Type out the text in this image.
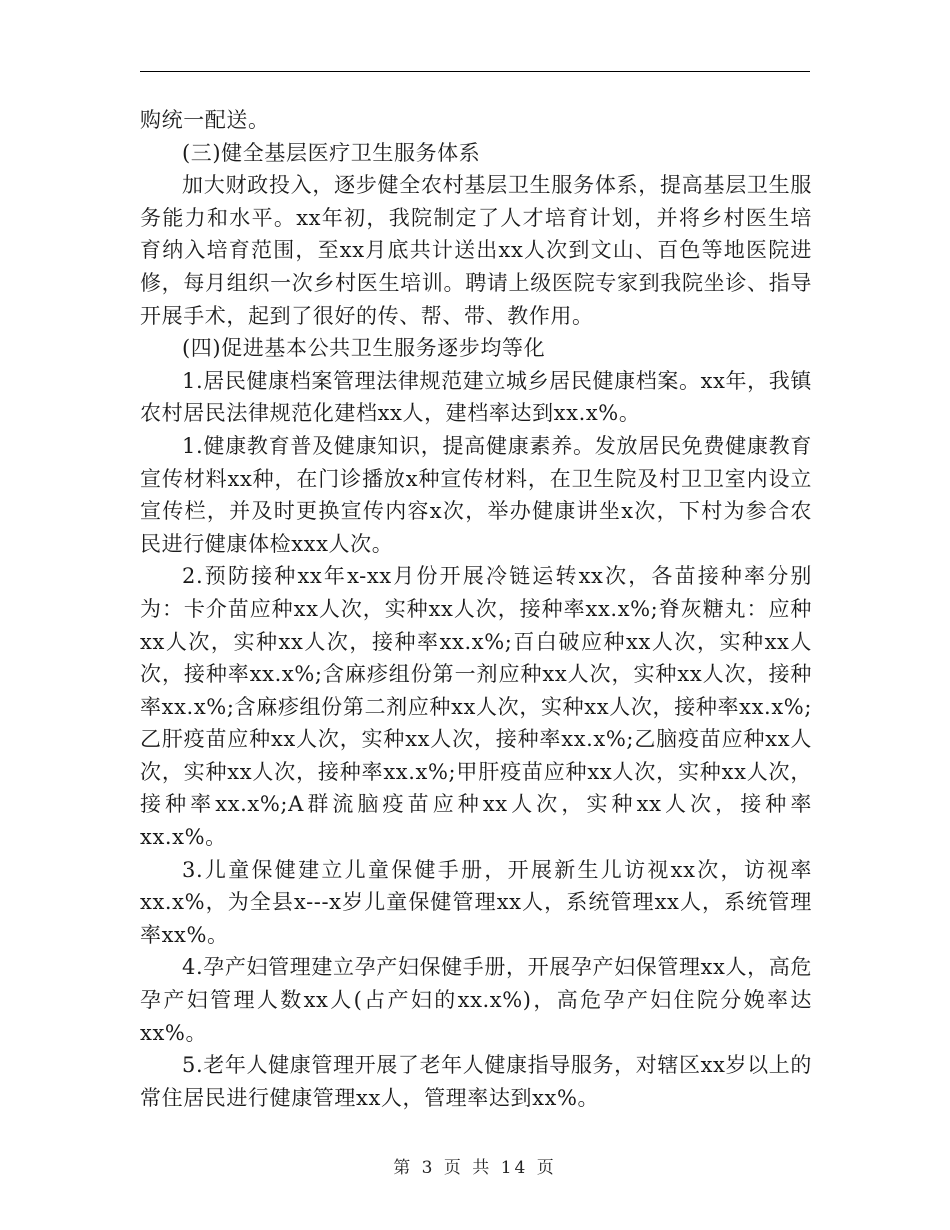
购统一配送。

(三)健全基层医疗卫生服务体系

加大财政投入，逐步健全农村基层卫生服务体系，提高基层卫生服务能力和水平。xx年初，我院制定了人才培育计划，并将乡村医生培育纳入培育范围，至xx月底共计送出xx人次到文山、百色等地医院进修，每月组织一次乡村医生培训。聘请上级医院专家到我院坐诊、指导开展手术，起到了很好的传、帮、带、教作用。

(四)促进基本公共卫生服务逐步均等化

1.居民健康档案管理法律规范建立城乡居民健康档案。xx年，我镇农村居民法律规范化建档xx人，建档率达到xx.x%。

1.健康教育普及健康知识，提高健康素养。发放居民免费健康教育宣传材料xx种，在门诊播放x种宣传材料，在卫生院及村卫卫室内设立宣传栏，并及时更换宣传内容x次，举办健康讲坐x次，下村为参合农民进行健康体检xxx人次。

2.预防接种xx年x-xx月份开展冷链运转xx次，各苗接种率分别为：卡介苗应种xx人次，实种xx人次，接种率xx.x%;脊灰糖丸：应种xx人次，实种xx人次，接种率xx.x%;百白破应种xx人次，实种xx人次，接种率xx.x%;含麻疹组份第一剂应种xx人次，实种xx人次，接种率xx.x%;含麻疹组份第二剂应种xx人次，实种xx人次，接种率xx.x%;乙肝疫苗应种xx人次，实种xx人次，接种率xx.x%;乙脑疫苗应种xx人次，实种xx人次，接种率xx.x%;甲肝疫苗应种xx人次，实种xx人次，接种率xx.x%;A群流脑疫苗应种xx人次，实种xx人次，接种率xx.x%。

3.儿童保健建立儿童保健手册，开展新生儿访视xx次，访视率xx.x%，为全县x---x岁儿童保健管理xx人，系统管理xx人，系统管理率xx%。

4.孕产妇管理建立孕产妇保健手册，开展孕产妇保管理xx人，高危孕产妇管理人数xx人(占产妇的xx.x%)，高危孕产妇住院分娩率达xx%。

5.老年人健康管理开展了老年人健康指导服务，对辖区xx岁以上的常住居民进行健康管理xx人，管理率达到xx%。

第 3 页 共 14 页
